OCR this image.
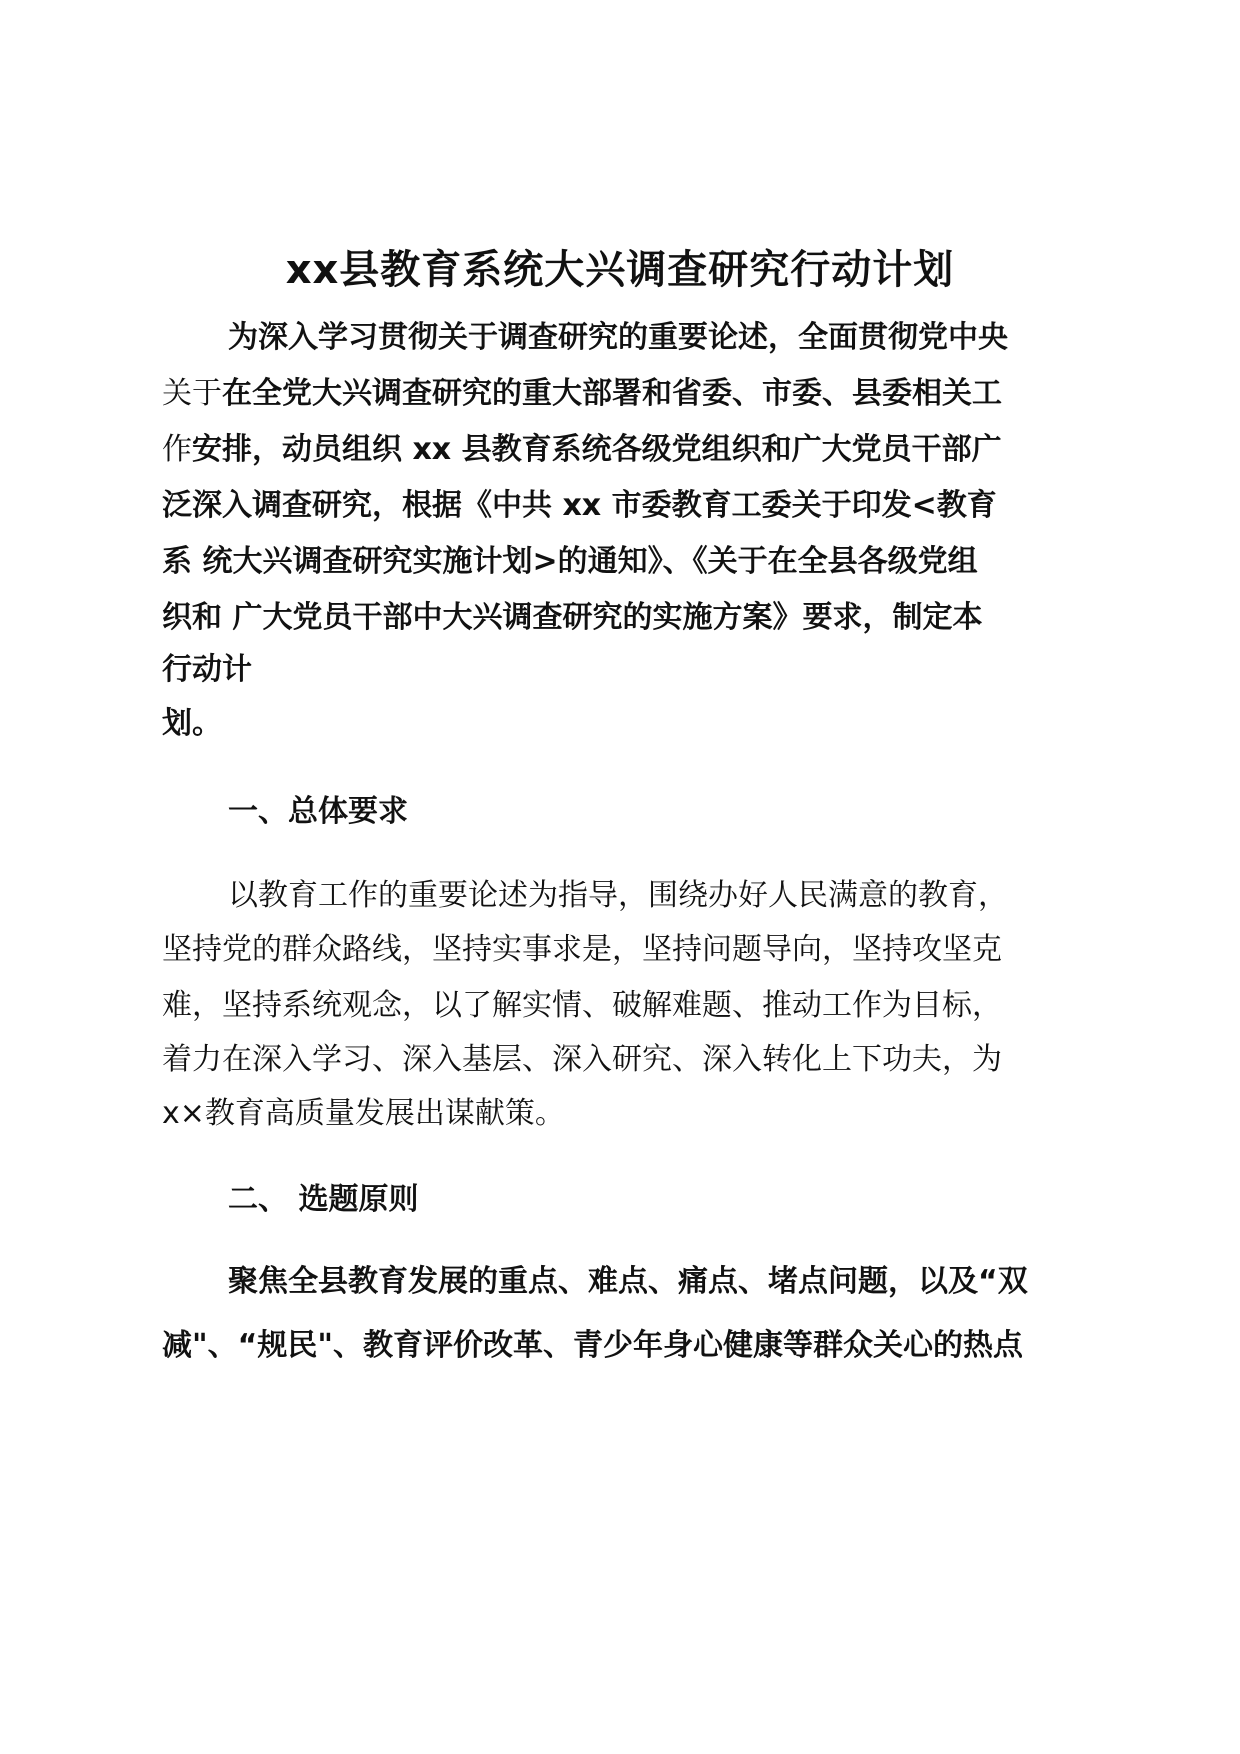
xx县教育系统大兴调查研究行动计划
为深入学习贯彻关于调查研究的重要论述，全面贯彻党中央
关于在全党大兴调查研究的重大部署和省委、市委、县委相关工
作安排，动员组织 xx 县教育系统各级党组织和广大党员干部广
泛深入调查研究，根据《中共 xx 市委教育工委关于印发<教育
系 统大兴调查研究实施计划>的通知》、《关于在全县各级党组
织和 广大党员干部中大兴调查研究的实施方案》要求，制定本
行动计
划。
一、总体要求
以教育工作的重要论述为指导，围绕办好人民满意的教育，
坚持党的群众路线，坚持实事求是，坚持问题导向，坚持攻坚克
难，坚持系统观念，以了解实情、破解难题、推动工作为目标，
着力在深入学习、深入基层、深入研究、深入转化上下功夫，为
x×教育高质量发展出谋献策。
二、 选题原则
聚焦全县教育发展的重点、难点、痛点、堵点问题，以及“双
减"、“规民"、教育评价改革、青少年身心健康等群众关心的热点
